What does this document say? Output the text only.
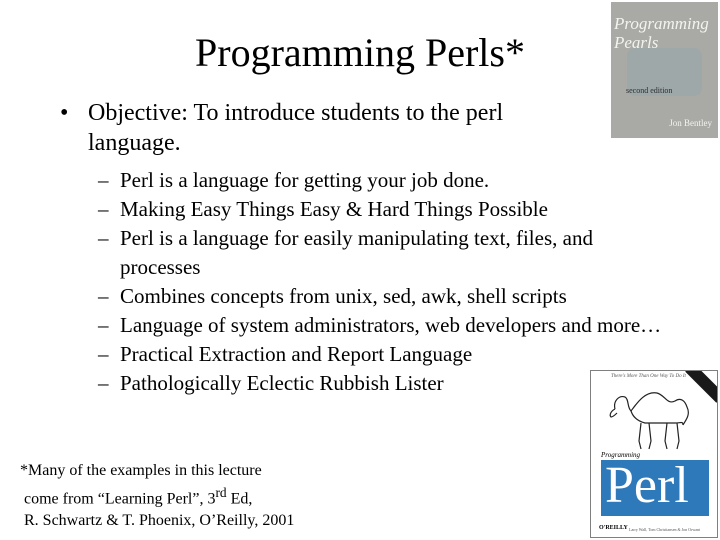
Programming Perls*
• Objective: To introduce students to the perl language.
– Perl is a language for getting your job done.
– Making Easy Things Easy & Hard Things Possible
– Perl is a language for easily manipulating text, files, and processes
– Combines concepts from unix, sed, awk, shell scripts
– Language of system administrators, web developers and more…
– Practical Extraction and Report Language
– Pathologically Eclectic Rubbish Lister
*Many of the examples in this lecture
come from “Learning Perl”, 3rd Ed,
R. Schwartz & T. Phoenix, O’Reilly, 2001
Programming
Pearls
second edition
Jon Bentley
There's More Than One Way To Do It
Programming
Perl
O'REILLY Larry Wall, Tom Christiansen & Jon Orwant
